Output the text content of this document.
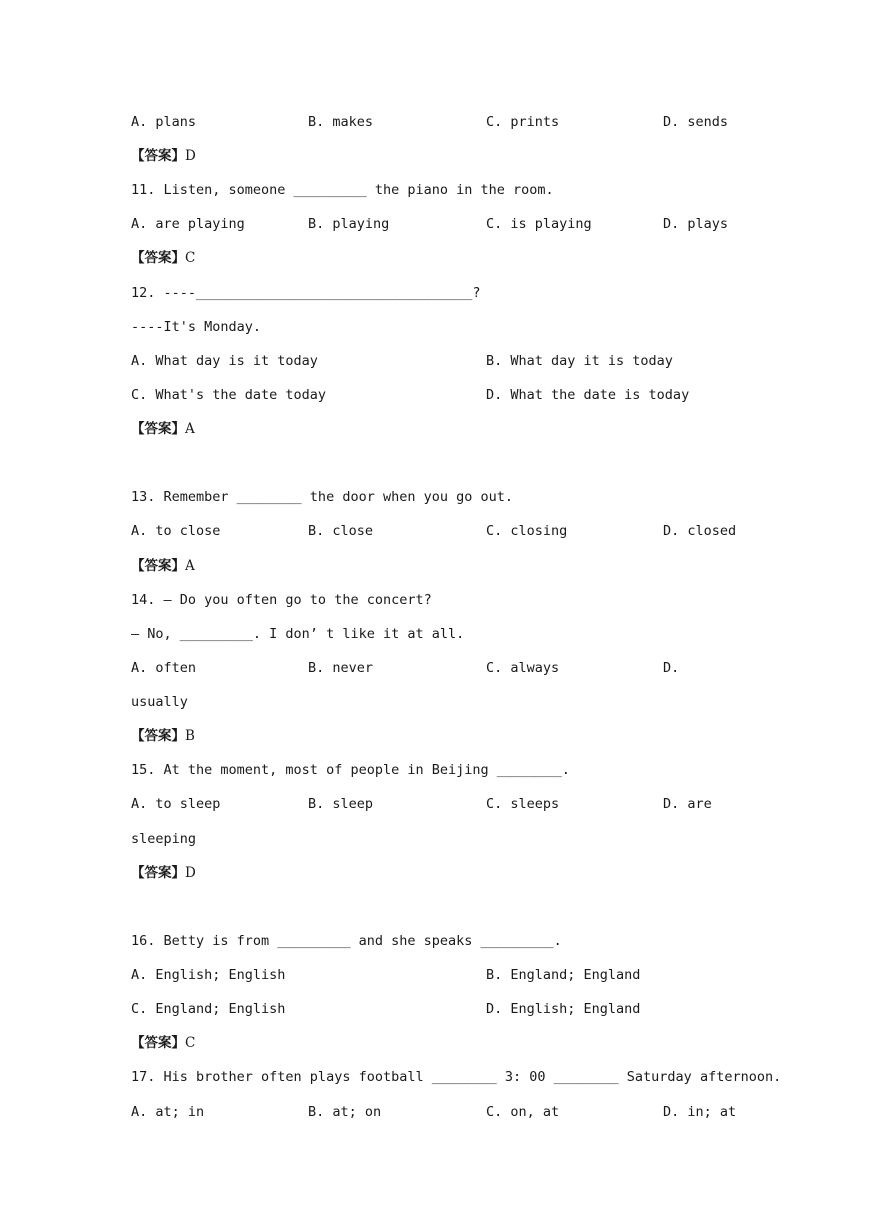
A. plans	B. makes	C. prints	D. sends
【答案】D
11. Listen, someone _________ the piano in the room.
A. are playing	B. playing	C. is playing	D. plays
【答案】C
12. ----__________________________________?
----It's Monday.
A. What day is it today	B. What day it is today
C. What's the date today	D. What the date is today
【答案】A
13. Remember ________ the door when you go out.
A. to close	B. close	C. closing	D. closed
【答案】A
14. — Do you often go to the concert?
— No, _________. I don’ t like it at all.
A. often	B. never	C. always	D.
usually
【答案】B
15. At the moment, most of people in Beijing ________.
A. to sleep	B. sleep	C. sleeps	D. are
sleeping
【答案】D
16. Betty is from _________ and she speaks _________.
A. English; English	B. England; England
C. England; English	D. English; England
【答案】C
17. His brother often plays football ________ 3: 00 ________ Saturday afternoon.
A. at; in	B. at; on	C. on, at	D. in; at
